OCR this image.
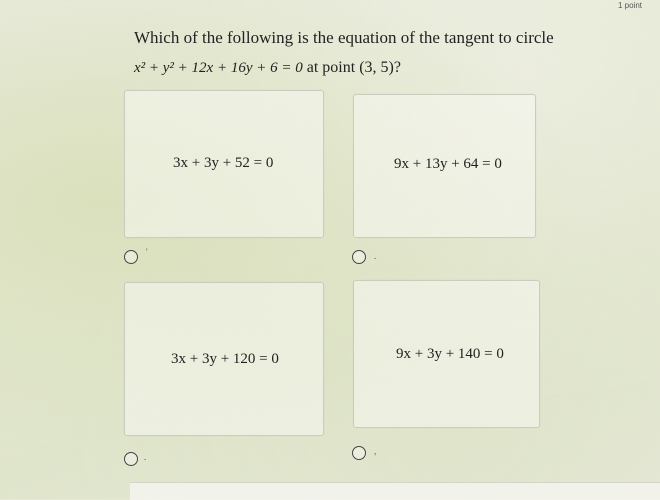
1 point
Which of the following is the equation of the tangent to circle
x² + y² + 12x + 16y + 6 = 0 at point (3, 5)?
3x + 3y + 52 = 0
'
9x + 13y + 64 = 0
.
3x + 3y + 120 = 0
.
9x + 3y + 140 = 0
,
